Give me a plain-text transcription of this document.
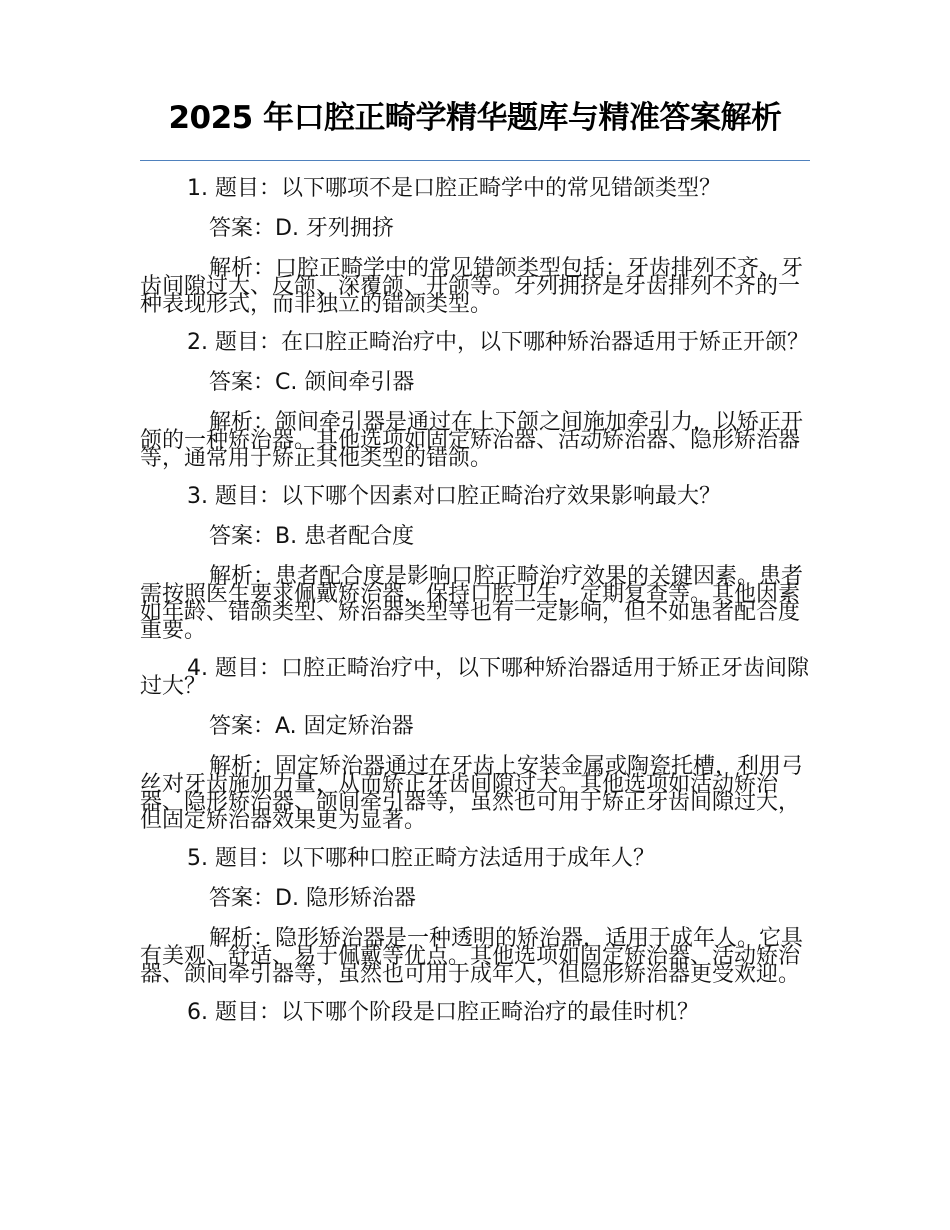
2025 年口腔正畸学精华题库与精准答案解析

1. 题目：以下哪项不是口腔正畸学中的常见错颌类型？

答案：D. 牙列拥挤

解析：口腔正畸学中的常见错颌类型包括：牙齿排列不齐、牙齿间隙过大、反颌、深覆颌、开颌等。牙列拥挤是牙齿排列不齐的一种表现形式，而非独立的错颌类型。

2. 题目：在口腔正畸治疗中，以下哪种矫治器适用于矫正开颌？

答案：C. 颌间牵引器

解析：颌间牵引器是通过在上下颌之间施加牵引力，以矫正开颌的一种矫治器。其他选项如固定矫治器、活动矫治器、隐形矫治器等，通常用于矫正其他类型的错颌。

3. 题目：以下哪个因素对口腔正畸治疗效果影响最大？

答案：B. 患者配合度

解析：患者配合度是影响口腔正畸治疗效果的关键因素。患者需按照医生要求佩戴矫治器，保持口腔卫生，定期复查等。其他因素如年龄、错颌类型、矫治器类型等也有一定影响，但不如患者配合度重要。

4. 题目：口腔正畸治疗中，以下哪种矫治器适用于矫正牙齿间隙过大？

答案：A. 固定矫治器

解析：固定矫治器通过在牙齿上安装金属或陶瓷托槽，利用弓丝对牙齿施加力量，从而矫正牙齿间隙过大。其他选项如活动矫治器、隐形矫治器、颌间牵引器等，虽然也可用于矫正牙齿间隙过大，但固定矫治器效果更为显著。

5. 题目：以下哪种口腔正畸方法适用于成年人？

答案：D. 隐形矫治器

解析：隐形矫治器是一种透明的矫治器，适用于成年人。它具有美观、舒适、易于佩戴等优点。其他选项如固定矫治器、活动矫治器、颌间牵引器等，虽然也可用于成年人，但隐形矫治器更受欢迎。

6. 题目：以下哪个阶段是口腔正畸治疗的最佳时机？
